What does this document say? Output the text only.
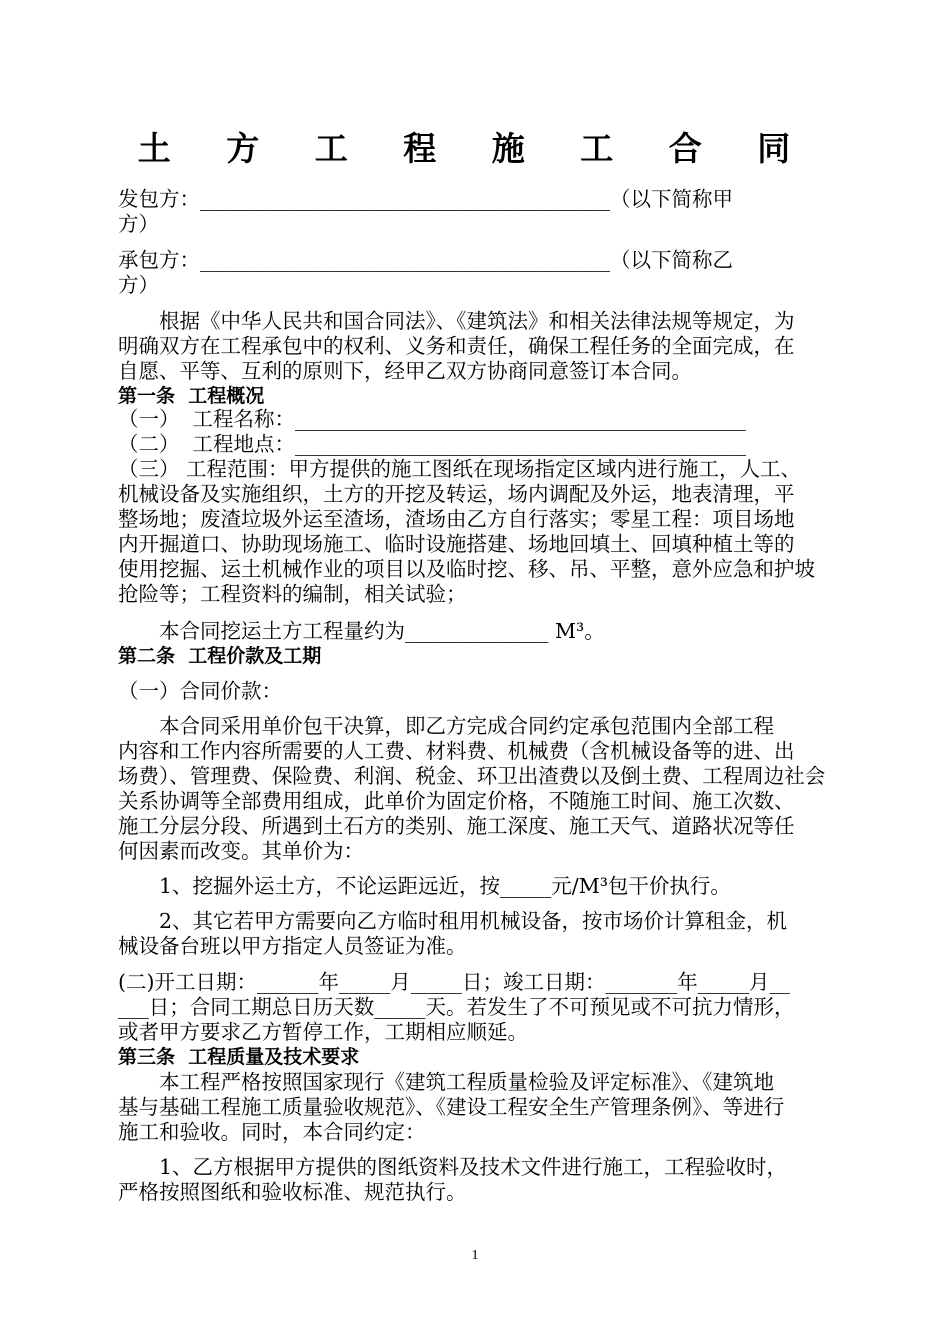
土 方 工 程 施 工 合 同
发包方：________________________________________（以下简称甲
方）
承包方：________________________________________（以下简称乙
方）
　　根据《中华人民共和国合同法》、《建筑法》和相关法律法规等规定，为
明确双方在工程承包中的权利、义务和责任，确保工程任务的全面完成，在
自愿、平等、互利的原则下，经甲乙双方协商同意签订本合同。
第一条  工程概况
（一）  工程名称：____________________________________________
（二）  工程地点：____________________________________________
（三） 工程范围：甲方提供的施工图纸在现场指定区域内进行施工，人工、
机械设备及实施组织，土方的开挖及转运，场内调配及外运，地表清理，平
整场地；废渣垃圾外运至渣场，渣场由乙方自行落实；零星工程：项目场地
内开掘道口、协助现场施工、临时设施搭建、场地回填土、回填种植土等的
使用挖掘、运土机械作业的项目以及临时挖、移、吊、平整，意外应急和护坡
抢险等；工程资料的编制，相关试验；
　　本合同挖运土方工程量约为______________ M³。
第二条  工程价款及工期
（一）合同价款：
　　本合同采用单价包干决算，即乙方完成合同约定承包范围内全部工程
内容和工作内容所需要的人工费、材料费、机械费（含机械设备等的进、出
场费）、管理费、保险费、利润、税金、环卫出渣费以及倒土费、工程周边社会
关系协调等全部费用组成，此单价为固定价格，不随施工时间、施工次数、
施工分层分段、所遇到土石方的类别、施工深度、施工天气、道路状况等任
何因素而改变。其单价为：
　　1、挖掘外运土方，不论运距远近，按_____元/M³包干价执行。
　　2、其它若甲方需要向乙方临时租用机械设备，按市场价计算租金，机
械设备台班以甲方指定人员签证为准。
(二)开工日期：______年_____月_____日；竣工日期：_______年_____月__
___日；合同工期总日历天数_____天。若发生了不可预见或不可抗力情形，
或者甲方要求乙方暂停工作，工期相应顺延。
第三条  工程质量及技术要求
　　本工程严格按照国家现行《建筑工程质量检验及评定标准》、《建筑地
基与基础工程施工质量验收规范》、《建设工程安全生产管理条例》、等进行
施工和验收。同时，本合同约定：
　　1、乙方根据甲方提供的图纸资料及技术文件进行施工，工程验收时，
严格按照图纸和验收标准、规范执行。
1
